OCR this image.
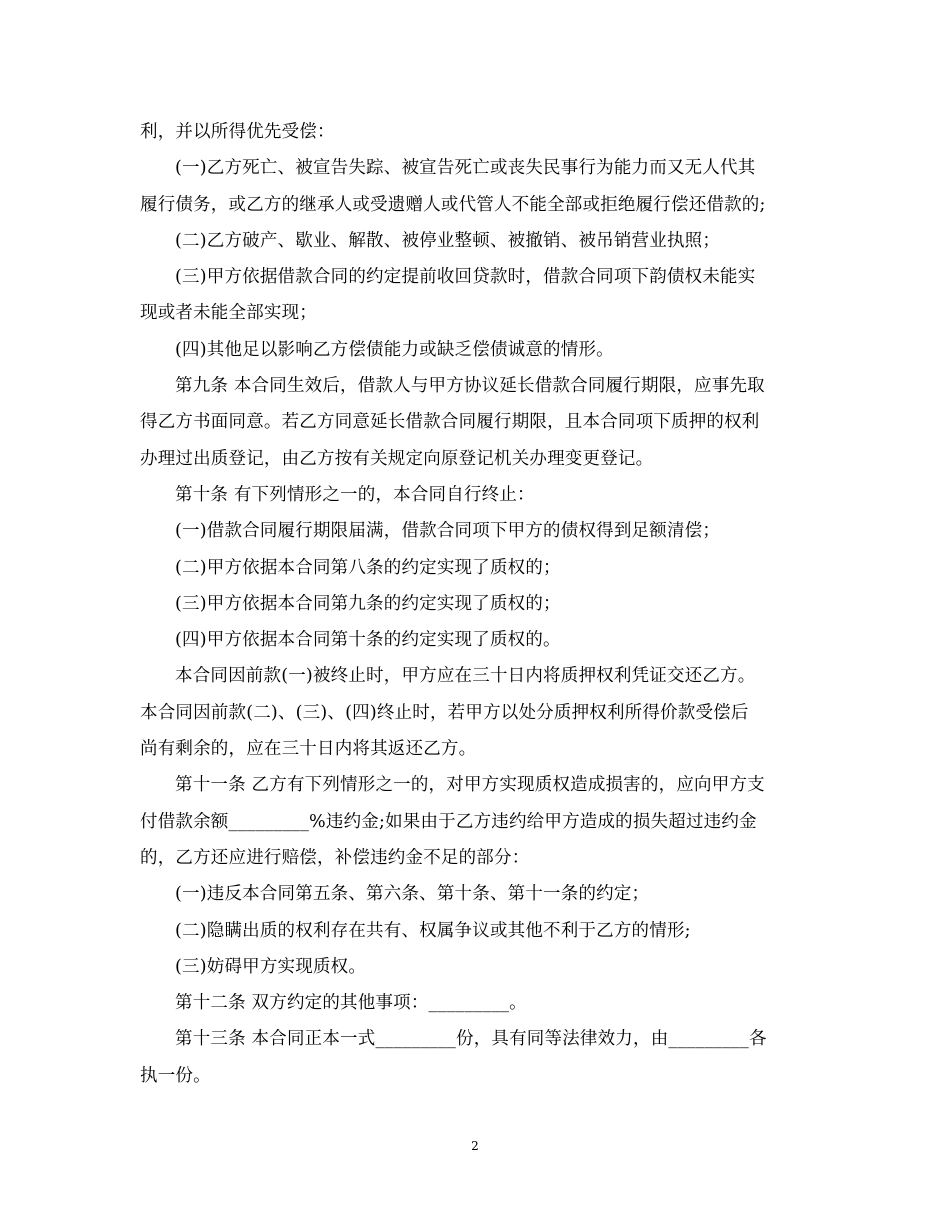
利，并以所得优先受偿：
(一)乙方死亡、被宣告失踪、被宣告死亡或丧失民事行为能力而又无人代其
履行债务，或乙方的继承人或受遗赠人或代管人不能全部或拒绝履行偿还借款的;
(二)乙方破产、歇业、解散、被停业整顿、被撤销、被吊销营业执照；
(三)甲方依据借款合同的约定提前收回贷款时，借款合同项下韵债权未能实
现或者未能全部实现；
(四)其他足以影响乙方偿债能力或缺乏偿债诚意的情形。
第九条 本合同生效后，借款人与甲方协议延长借款合同履行期限，应事先取
得乙方书面同意。若乙方同意延长借款合同履行期限，且本合同项下质押的权利
办理过出质登记，由乙方按有关规定向原登记机关办理变更登记。
第十条 有下列情形之一的，本合同自行终止：
(一)借款合同履行期限届满，借款合同项下甲方的债权得到足额清偿；
(二)甲方依据本合同第八条的约定实现了质权的；
(三)甲方依据本合同第九条的约定实现了质权的；
(四)甲方依据本合同第十条的约定实现了质权的。
本合同因前款(一)被终止时，甲方应在三十日内将质押权利凭证交还乙方。
本合同因前款(二)、(三)、(四)终止时，若甲方以处分质押权利所得价款受偿后
尚有剩余的，应在三十日内将其返还乙方。
第十一条 乙方有下列情形之一的，对甲方实现质权造成损害的，应向甲方支
付借款余额_________%违约金;如果由于乙方违约给甲方造成的损失超过违约金
的，乙方还应进行赔偿，补偿违约金不足的部分：
(一)违反本合同第五条、第六条、第十条、第十一条的约定；
(二)隐瞒出质的权利存在共有、权属争议或其他不利于乙方的情形;
(三)妨碍甲方实现质权。
第十二条 双方约定的其他事项：_________。
第十三条 本合同正本一式_________份，具有同等法律效力，由_________各
执一份。
2
